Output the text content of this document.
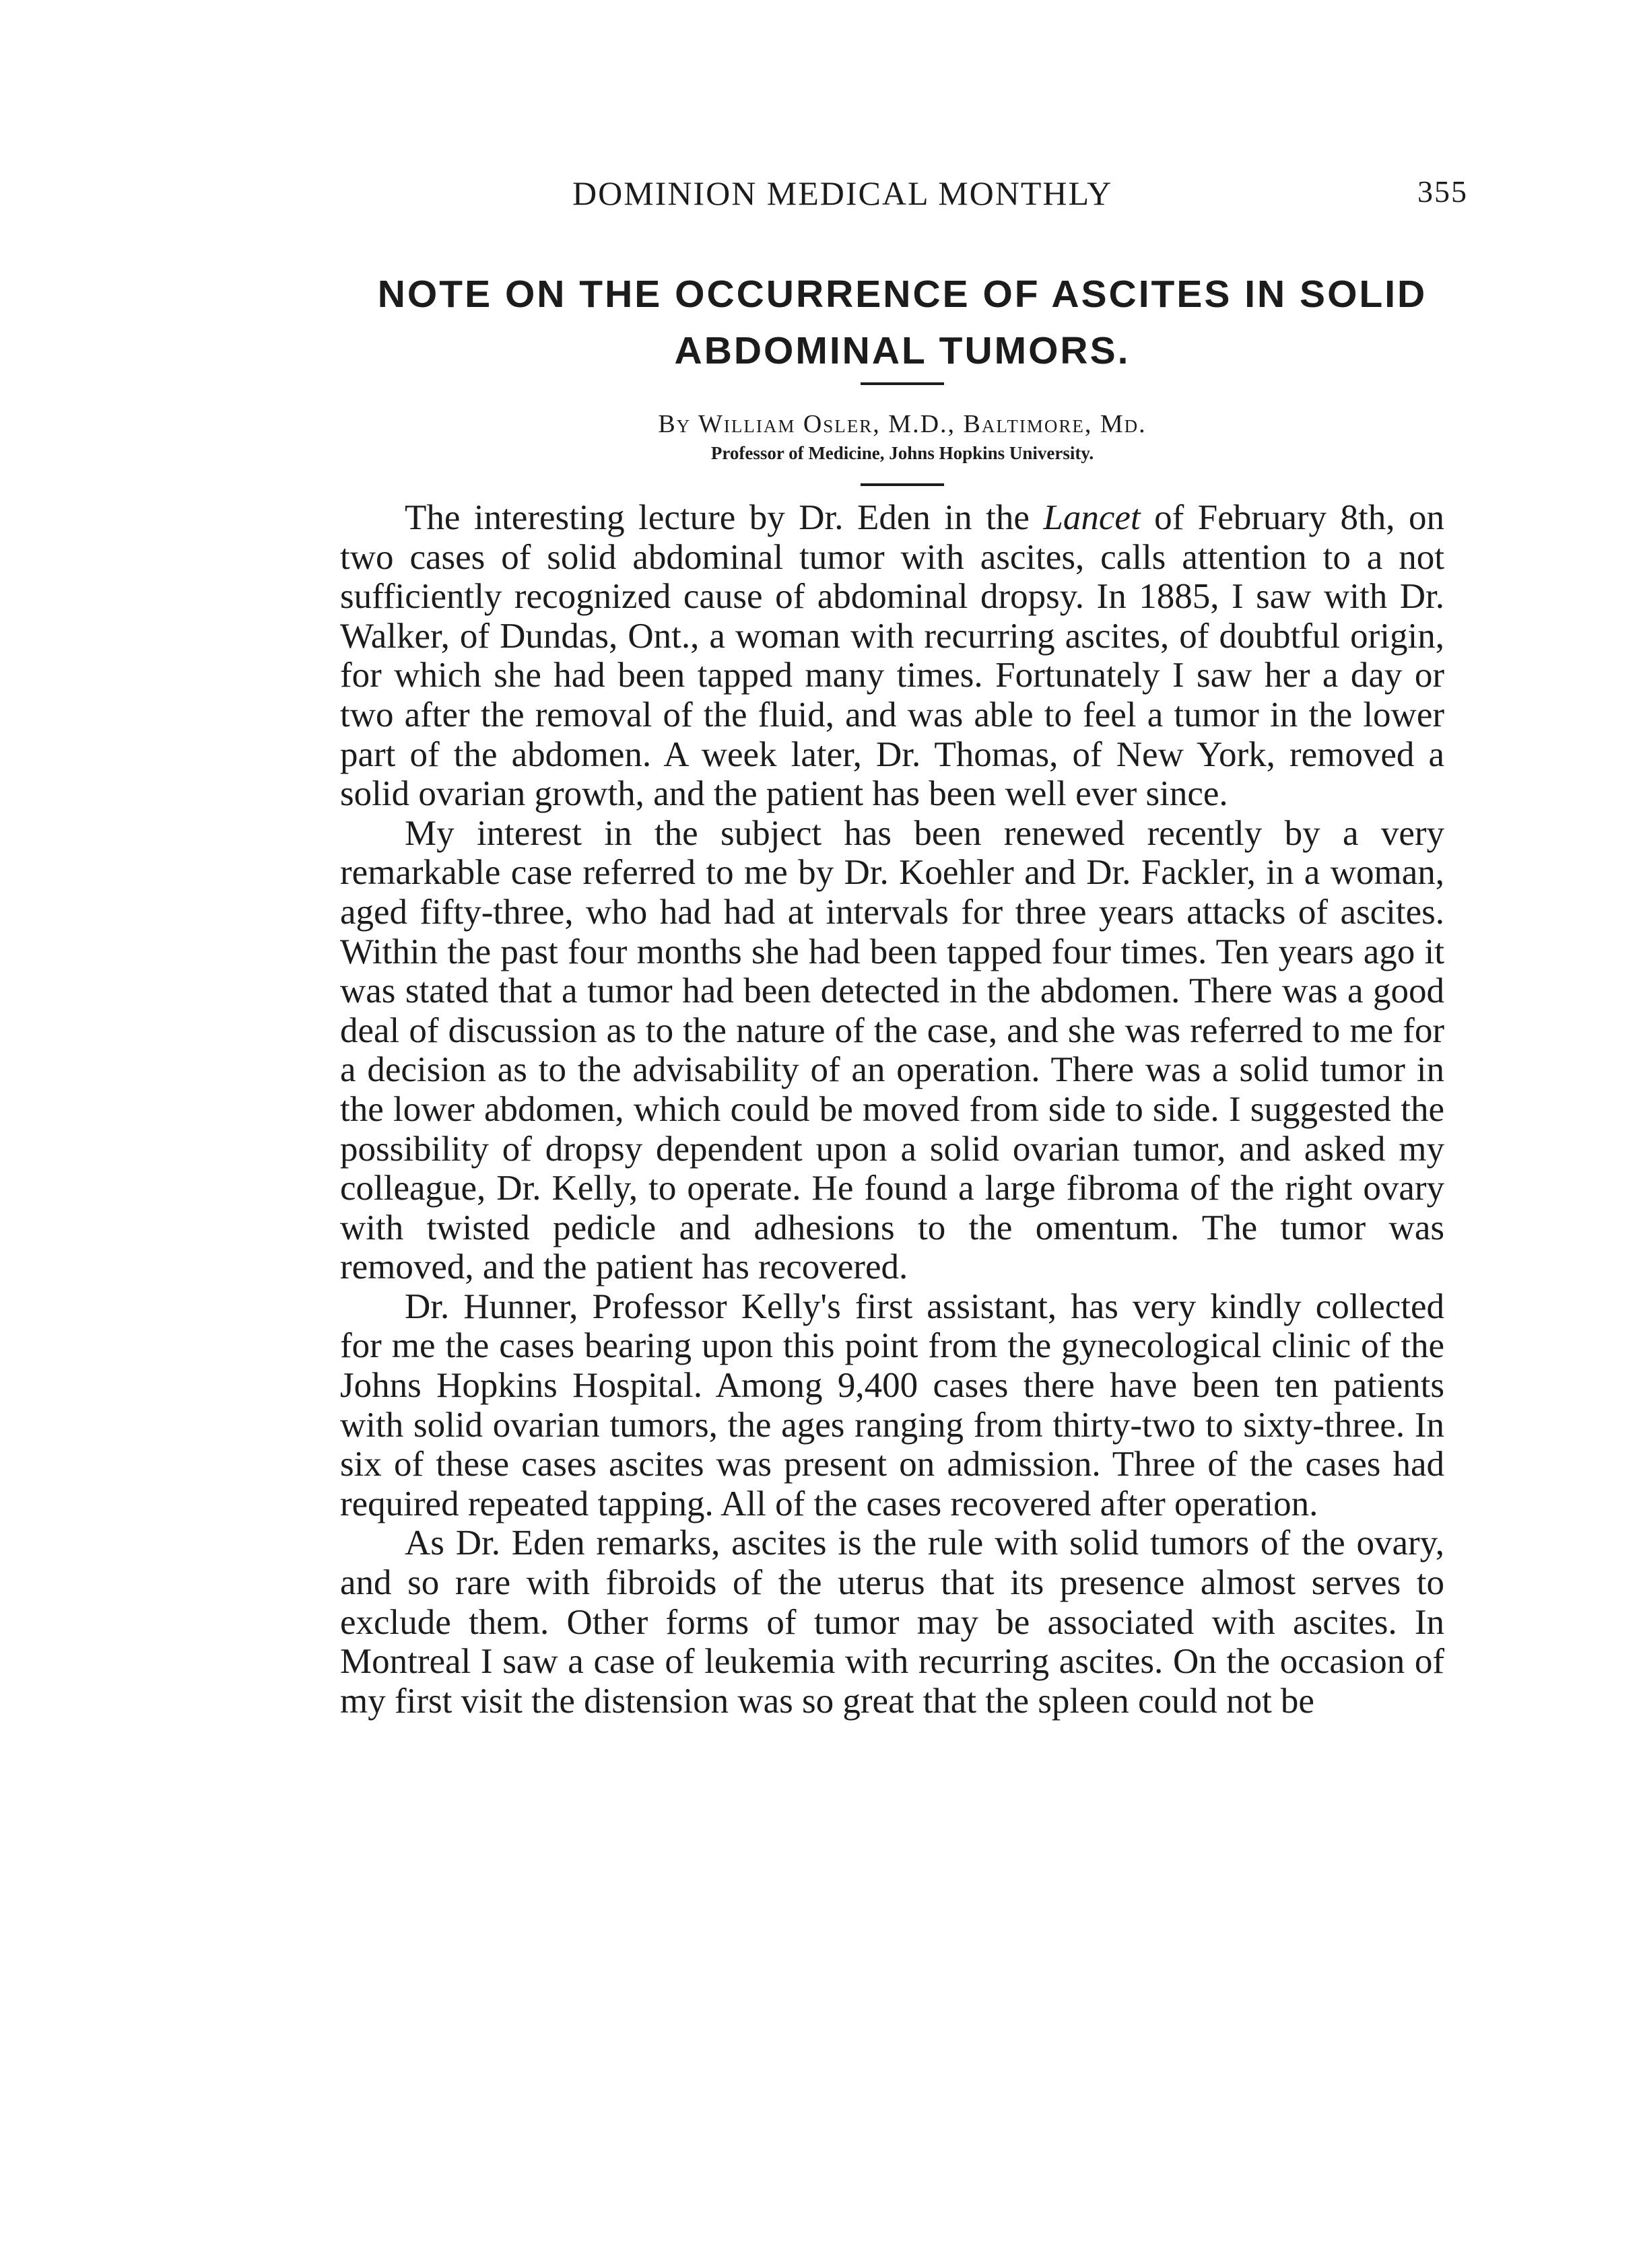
DOMINION MEDICAL MONTHLY	355
NOTE ON THE OCCURRENCE OF ASCITES IN SOLID ABDOMINAL TUMORS.
By William Osler, M.D., Baltimore, Md.
Professor of Medicine, Johns Hopkins University.

The interesting lecture by Dr. Eden in the Lancet of February 8th, on two cases of solid abdominal tumor with ascites, calls attention to a not sufficiently recognized cause of abdominal dropsy. In 1885, I saw with Dr. Walker, of Dundas, Ont., a woman with recurring ascites, of doubtful origin, for which she had been tapped many times. Fortunately I saw her a day or two after the removal of the fluid, and was able to feel a tumor in the lower part of the abdomen. A week later, Dr. Thomas, of New York, removed a solid ovarian growth, and the patient has been well ever since.

My interest in the subject has been renewed recently by a very remarkable case referred to me by Dr. Koehler and Dr. Fackler, in a woman, aged fifty-three, who had had at intervals for three years attacks of ascites. Within the past four months she had been tapped four times. Ten years ago it was stated that a tumor had been detected in the abdomen. There was a good deal of discussion as to the nature of the case, and she was referred to me for a decision as to the advisability of an operation. There was a solid tumor in the lower abdomen, which could be moved from side to side. I suggested the possibility of dropsy dependent upon a solid ovarian tumor, and asked my colleague, Dr. Kelly, to operate. He found a large fibroma of the right ovary with twisted pedicle and adhesions to the omentum. The tumor was removed, and the patient has recovered.

Dr. Hunner, Professor Kelly's first assistant, has very kindly collected for me the cases bearing upon this point from the gynecological clinic of the Johns Hopkins Hospital. Among 9,400 cases there have been ten patients with solid ovarian tumors, the ages ranging from thirty-two to sixty-three. In six of these cases ascites was present on admission. Three of the cases had required repeated tapping. All of the cases recovered after operation.

As Dr. Eden remarks, ascites is the rule with solid tumors of the ovary, and so rare with fibroids of the uterus that its presence almost serves to exclude them. Other forms of tumor may be associated with ascites. In Montreal I saw a case of leukemia with recurring ascites. On the occasion of my first visit the distension was so great that the spleen could not be
